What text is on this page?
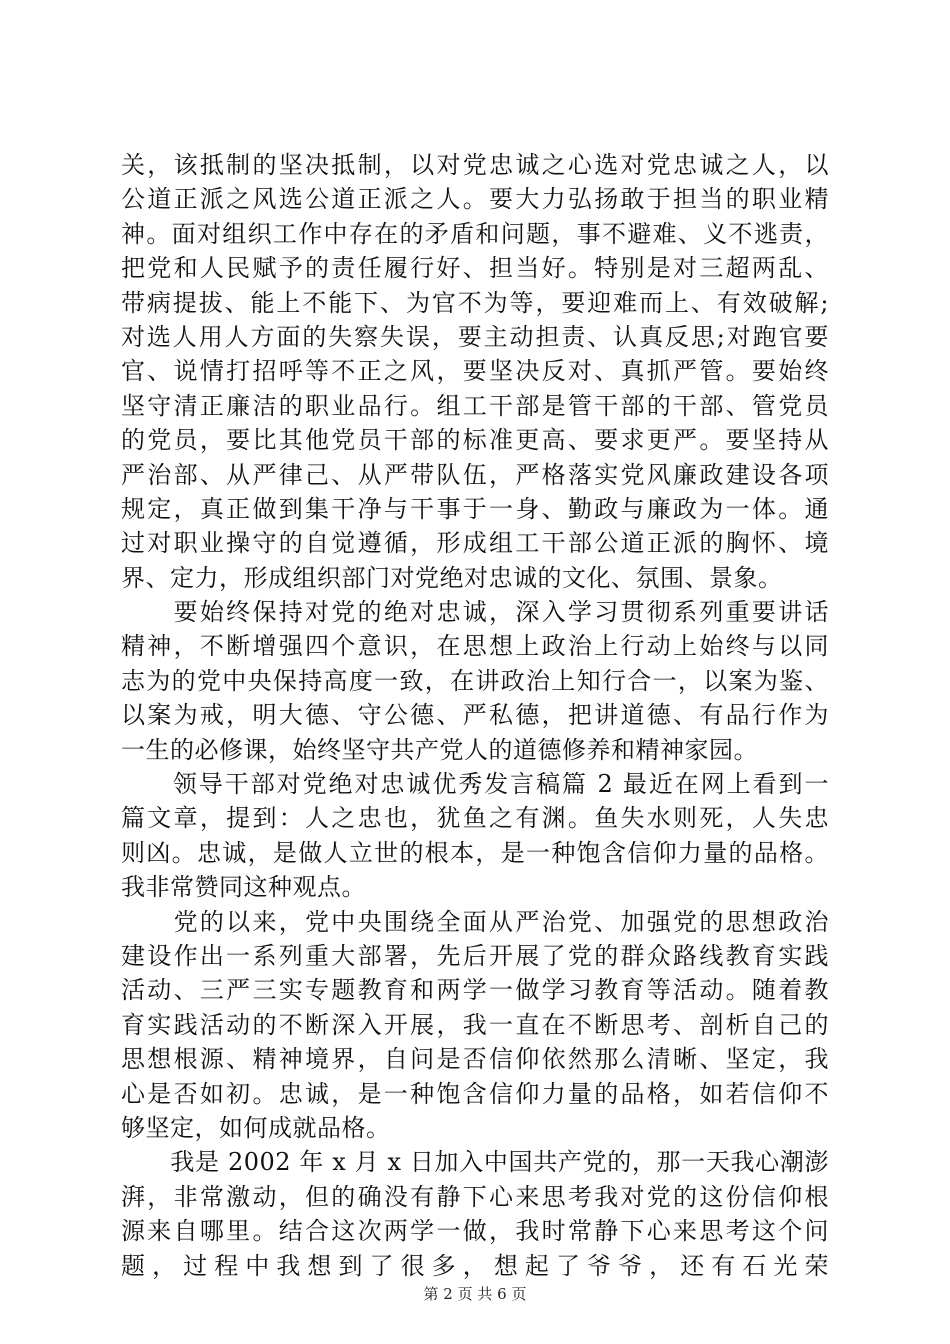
关，该抵制的坚决抵制，以对党忠诚之心选对党忠诚之人，以
公道正派之风选公道正派之人。要大力弘扬敢于担当的职业精
神。面对组织工作中存在的矛盾和问题，事不避难、义不逃责，
把党和人民赋予的责任履行好、担当好。特别是对三超两乱、
带病提拔、能上不能下、为官不为等，要迎难而上、有效破解;
对选人用人方面的失察失误，要主动担责、认真反思;对跑官要
官、说情打招呼等不正之风，要坚决反对、真抓严管。要始终
坚守清正廉洁的职业品行。组工干部是管干部的干部、管党员
的党员，要比其他党员干部的标准更高、要求更严。要坚持从
严治部、从严律己、从严带队伍，严格落实党风廉政建设各项
规定，真正做到集干净与干事于一身、勤政与廉政为一体。通
过对职业操守的自觉遵循，形成组工干部公道正派的胸怀、境
界、定力，形成组织部门对党绝对忠诚的文化、氛围、景象。
　　要始终保持对党的绝对忠诚，深入学习贯彻系列重要讲话
精神，不断增强四个意识，在思想上政治上行动上始终与以同
志为的党中央保持高度一致，在讲政治上知行合一，以案为鉴、
以案为戒，明大德、守公德、严私德，把讲道德、有品行作为
一生的必修课，始终坚守共产党人的道德修养和精神家园。
　　领导干部对党绝对忠诚优秀发言稿篇 2 最近在网上看到一
篇文章，提到：人之忠也，犹鱼之有渊。鱼失水则死，人失忠
则凶。忠诚，是做人立世的根本，是一种饱含信仰力量的品格。
我非常赞同这种观点。
　　党的以来，党中央围绕全面从严治党、加强党的思想政治
建设作出一系列重大部署，先后开展了党的群众路线教育实践
活动、三严三实专题教育和两学一做学习教育等活动。随着教
育实践活动的不断深入开展，我一直在不断思考、剖析自己的
思想根源、精神境界，自问是否信仰依然那么清晰、坚定，我
心是否如初。忠诚，是一种饱含信仰力量的品格，如若信仰不
够坚定，如何成就品格。
　　我是 2002 年 x 月 x 日加入中国共产党的，那一天我心潮澎
湃，非常激动，但的确没有静下心来思考我对党的这份信仰根
源来自哪里。结合这次两学一做，我时常静下心来思考这个问
题，过程中我想到了很多，想起了爷爷，还有石光荣
第 2 页 共 6 页
